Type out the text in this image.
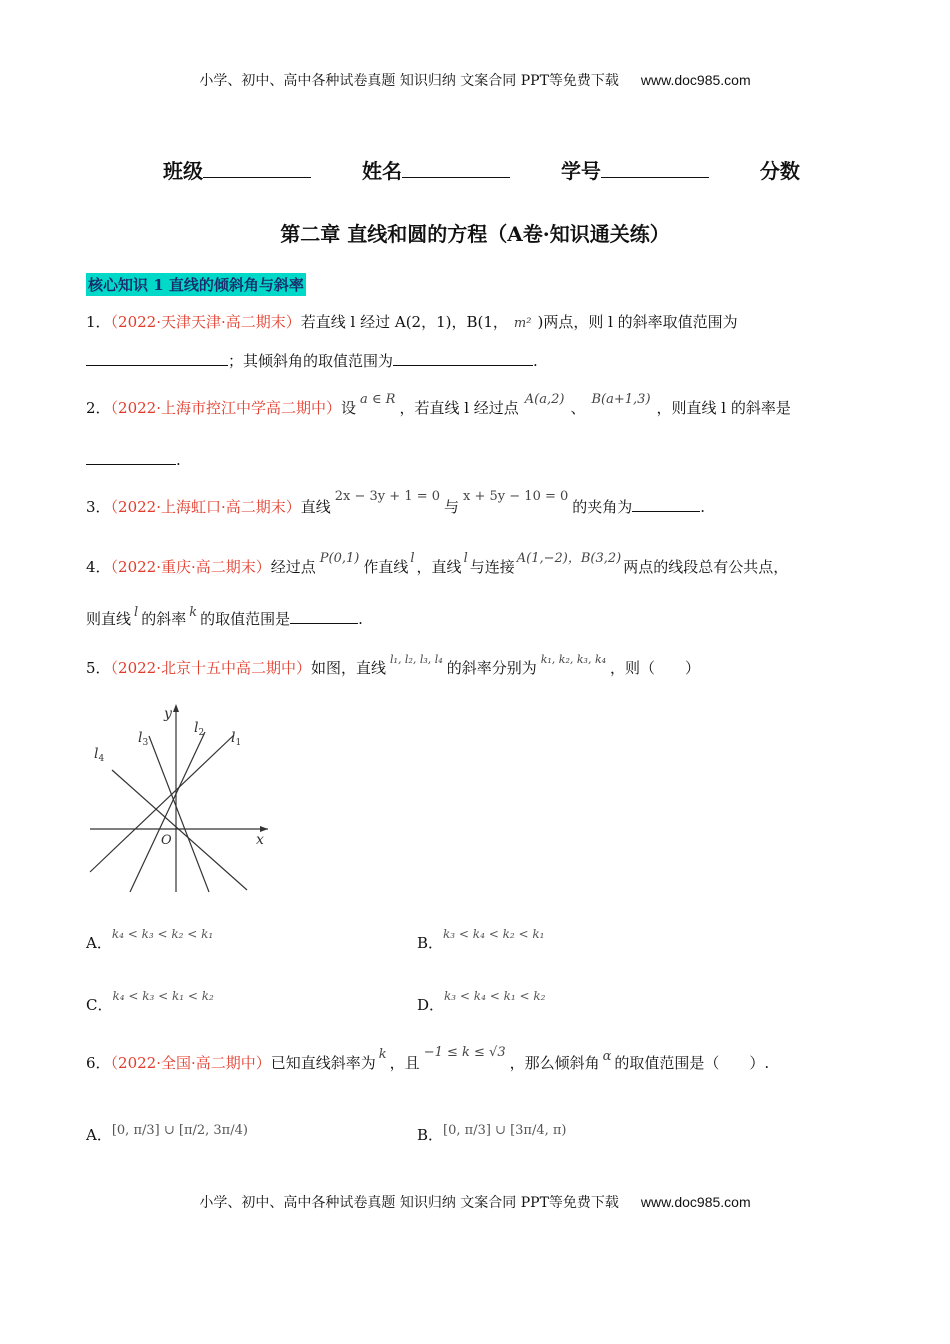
小学、初中、高中各种试卷真题 知识归纳 文案合同 PPT等免费下载 www.doc985.com
班级	姓名	学号	分数
第二章 直线和圆的方程（A卷·知识通关练）
核心知识 1 直线的倾斜角与斜率
1．（2022·天津天津·高二期末）若直线 l 经过 A(2，1)，B(1， m² )两点，则 l 的斜率取值范围为
；其倾斜角的取值范围为	.
2．（2022·上海市控江中学高二期中）设 a ∈ R ，若直线 l 经过点 A(a,2) 、 B(a+1,3) ，则直线 l 的斜率是
.
3．（2022·上海虹口·高二期末）直线2x − 3y + 1 = 0与x + 5y − 10 = 0的夹角为	.
4．（2022·重庆·高二期末）经过点 P(0,1) 作直线 l ，直线 l 与连接 A(1,−2)，B(3,2) 两点的线段总有公共点，
则直线 l 的斜率 k 的取值范围是	.
5．（2022·北京十五中高二期中）如图，直线 $^{l_1, l_2, l_3, l_4}$ 的斜率分别为 $^{k_1, k_2, k_3, k_4}$ ，则（　　）
y
x
O
$l_1$
$l_2$
$l_3$
$l_4$
A．$^{k_4 < k_3 < k_2 < k_1}$	B．$^{k_3 < k_4 < k_2 < k_1}$
C．$^{k_4 < k_3 < k_1 < k_2}$	D．$^{k_3 < k_4 < k_1 < k_2}$
6．（2022·全国·高二期中）已知直线斜率为 k ，且−1 ≤ k ≤ √3，那么倾斜角 α 的取值范围是（　　）.
A．[0, π/3] ∪ [π/2, 3π/4)	B．[0, π/3] ∪ [3π/4, π)
小学、初中、高中各种试卷真题 知识归纳 文案合同 PPT等免费下载 www.doc985.com
